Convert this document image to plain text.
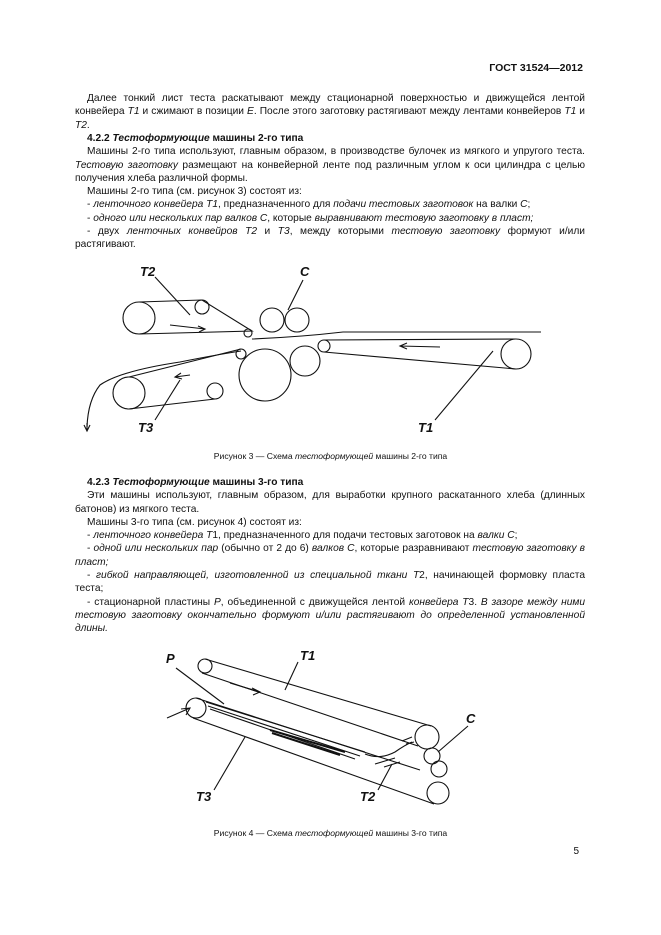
ГОСТ 31524—2012

Далее тонкий лист теста раскатывают между стационарной поверхностью и движущейся лентой конвейера Т1 и сжимают в позиции Е. После этого заготовку растягивают между лентами конвейеров Т1 и Т2.

4.2.2 Тестоформующие машины 2-го типа

Машины 2-го типа используют, главным образом, в производстве булочек из мягкого и упругого теста. Тестовую заготовку размещают на конвейерной ленте под различным углом к оси цилиндра с целью получения хлеба различной формы.

Машины 2-го типа (см. рисунок 3) состоят из:

- ленточного конвейера Т1, предназначенного для подачи тестовых заготовок на валки С;

- одного или нескольких пар валков С, которые выравнивают тестовую заготовку в пласт;

- двух ленточных конвейров Т2 и Т3, между которыми тестовую заготовку формуют и/или растягивают.

Т2	С
Т3	Т1
Рисунок 3 — Схема тестоформующей машины 2-го типа

4.2.3 Тестоформующие машины 3-го типа

Эти машины используют, главным образом, для выработки крупного раскатанного хлеба (длинных батонов) из мягкого теста.

Машины 3-го типа (см. рисунок 4) состоят из:

- ленточного конвейера Т1, предназначенного для подачи тестовых заготовок на валки С;

- одной или нескольких пар (обычно от 2 до 6) валков С, которые разравнивают тестовую заготовку в пласт;

- гибкой направляющей, изготовленной из специальной ткани Т2, начинающей формовку пласта теста;

- стационарной пластины Р, объединенной с движущейся лентой конвейера Т3. В зазоре между ними тестовую заготовку окончательно формуют и/или растягивают до определенной установленной длины.

Р	Т1
С
Т3	Т2
Рисунок 4 — Схема тестоформующей машины 3-го типа
5
